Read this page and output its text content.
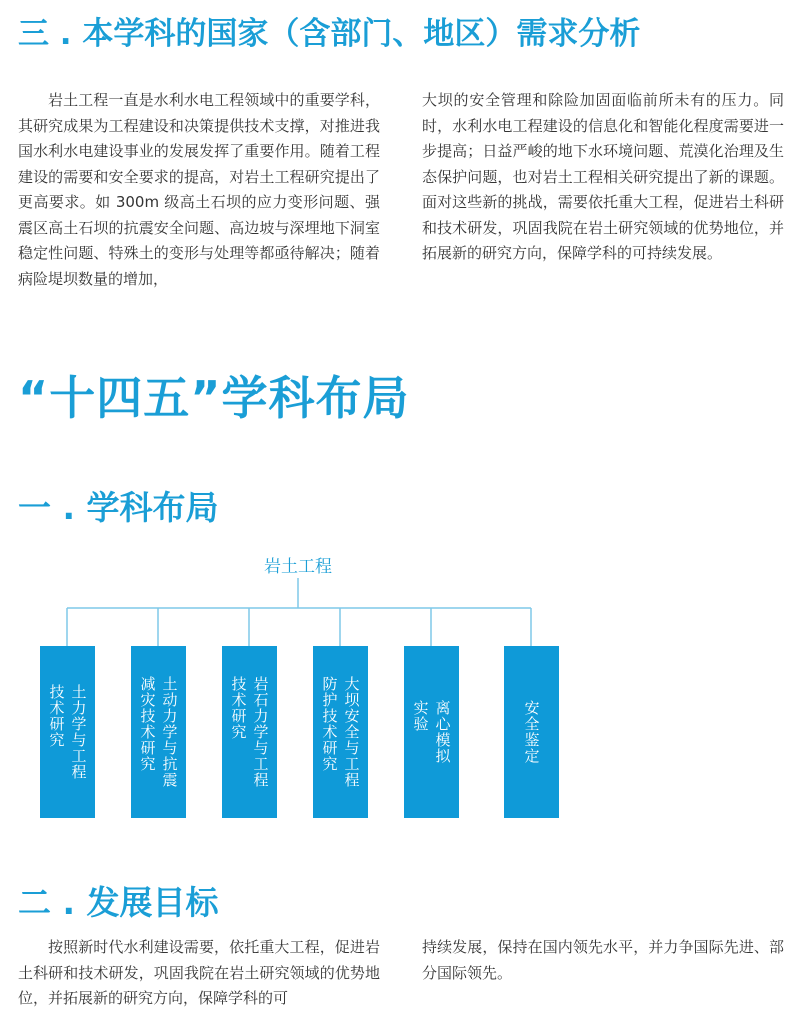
三 . 本学科的国家（含部门、地区）需求分析

岩土工程一直是水利水电工程领域中的重要学科，其研究成果为工程建设和决策提供技术支撑，对推进我国水利水电建设事业的发展发挥了重要作用。随着工程建设的需要和安全要求的提高，对岩土工程研究提出了更高要求。如 300m 级高土石坝的应力变形问题、强震区高土石坝的抗震安全问题、高边坡与深埋地下洞室稳定性问题、特殊土的变形与处理等都亟待解决；随着病险堤坝数量的增加，

大坝的安全管理和除险加固面临前所未有的压力。同时，水利水电工程建设的信息化和智能化程度需要进一步提高；日益严峻的地下水环境问题、荒漠化治理及生态保护问题，也对岩土工程相关研究提出了新的课题。面对这些新的挑战，需要依托重大工程，促进岩土科研和技术研发，巩固我院在岩土研究领域的优势地位，并拓展新的研究方向，保障学科的可持续发展。

“十四五”学科布局
一 . 学科布局
岩土工程

土力学与工程
技术研究	土动力学与抗震
减灾技术研究	岩石力学与工程
技术研究	大坝安全与工程
防护技术研究	离心模拟
实验	安全鉴定

二 . 发展目标

按照新时代水利建设需要，依托重大工程，促进岩土科研和技术研发，巩固我院在岩土研究领域的优势地位，并拓展新的研究方向，保障学科的可

持续发展，保持在国内领先水平，并力争国际先进、部分国际领先。
